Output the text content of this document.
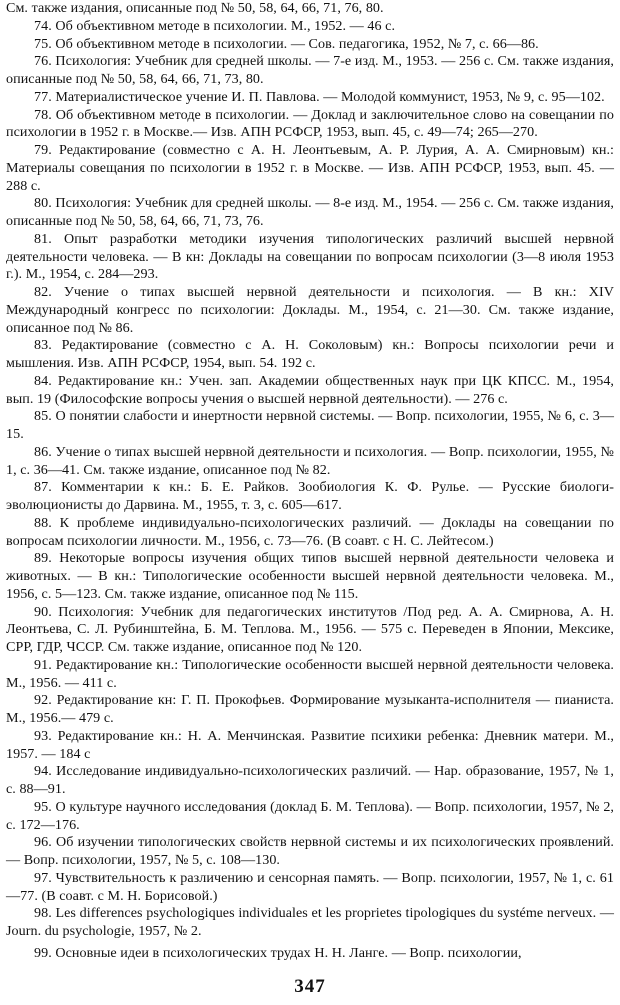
См. также издания, описанные под № 50, 58, 64, 66, 71, 76, 80.

74. Об объективном методе в психологии. М., 1952. — 46 с.

75. Об объективном методе в психологии. — Сов. педагогика, 1952, № 7, с. 66—86.

76. Психология: Учебник для средней школы. — 7-е изд. М., 1953. — 256 с. См. также издания, описанные под № 50, 58, 64, 66, 71, 73, 80.

77. Материалистическое учение И. П. Павлова. — Молодой коммунист, 1953, № 9, с. 95—102.

78. Об объективном методе в психологии. — Доклад и заключительное слово на совещании по психологии в 1952 г. в Москве.— Изв. АПН РСФСР, 1953, вып. 45, с. 49—74; 265—270.

79. Редактирование (совместно с А. Н. Леонтьевым, А. Р. Лурия, А. А. Смирновым) кн.: Материалы совещания по психологии в 1952 г. в Москве. — Изв. АПН РСФСР, 1953, вып. 45. — 288 с.

80. Психология: Учебник для средней школы. — 8-е изд. М., 1954. — 256 с. См. также издания, описанные под № 50, 58, 64, 66, 71, 73, 76.

81. Опыт разработки методики изучения типологических различий высшей нервной деятельности человека. — В кн: Доклады на совещании по вопросам психологии (3—8 июля 1953 г.). М., 1954, с. 284—293.

82. Учение о типах высшей нервной деятельности и психология. — В кн.: XIV Международный конгресс по психологии: Доклады. М., 1954, с. 21—30. См. также издание, описанное под № 86.

83. Редактирование (совместно с А. Н. Соколовым) кн.: Вопросы психологии речи и мышления. Изв. АПН РСФСР, 1954, вып. 54. 192 с.

84. Редактирование кн.: Учен. зап. Академии общественных наук при ЦК КПСС. М., 1954, вып. 19 (Философские вопросы учения о высшей нервной деятельности). — 276 с.

85. О понятии слабости и инертности нервной системы. — Вопр. психологии, 1955, № 6, с. 3—15.

86. Учение о типах высшей нервной деятельности и психология. — Вопр. психологии, 1955, № 1, с. 36—41. См. также издание, описанное под № 82.

87. Комментарии к кн.: Б. Е. Райков. Зообиология К. Ф. Рулье. — Русские биологи-эволюционисты до Дарвина. М., 1955, т. 3, с. 605—617.

88. К проблеме индивидуально-психологических различий. — Доклады на совещании по вопросам психологии личности. М., 1956, с. 73—76. (В соавт. с Н. С. Лейтесом.)

89. Некоторые вопросы изучения общих типов высшей нервной деятельности человека и животных. — В кн.: Типологические особенности высшей нервной деятельности человека. М., 1956, с. 5—123. См. также издание, описанное под № 115.

90. Психология: Учебник для педагогических институтов /Под ред. А. А. Смирнова, А. Н. Леонтьева, С. Л. Рубинштейна, Б. М. Теплова. М., 1956. — 575 с. Переведен в Японии, Мексике, СРР, ГДР, ЧССР. См. также издание, описанное под № 120.

91. Редактирование кн.: Типологические особенности высшей нервной деятельности человека. М., 1956. — 411 с.

92. Редактирование кн: Г. П. Прокофьев. Формирование музыканта-исполнителя — пианиста. М., 1956.— 479 с.

93. Редактирование кн.: Н. А. Менчинская. Развитие психики ребенка: Дневник матери. М., 1957. — 184 с

94. Исследование индивидуально-психологических различий. — Нар. образование, 1957, № 1, с. 88—91.

95. О культуре научного исследования (доклад Б. М. Теплова). — Вопр. психологии, 1957, № 2, с. 172—176.

96. Об изучении типологических свойств нервной системы и их психологических проявлений. — Вопр. психологии, 1957, № 5, с. 108—130.

97. Чувствительность к различению и сенсорная память. — Вопр. психологии, 1957, № 1, с. 61—77. (В соавт. с М. Н. Борисовой.)

98. Les differences psychologiques individuales et les proprietes tipologiques du systéme nerveux. — Journ. du psychologie, 1957, № 2.

99. Основные идеи в психологических трудах Н. Н. Ланге. — Вопр. психологии,

347
